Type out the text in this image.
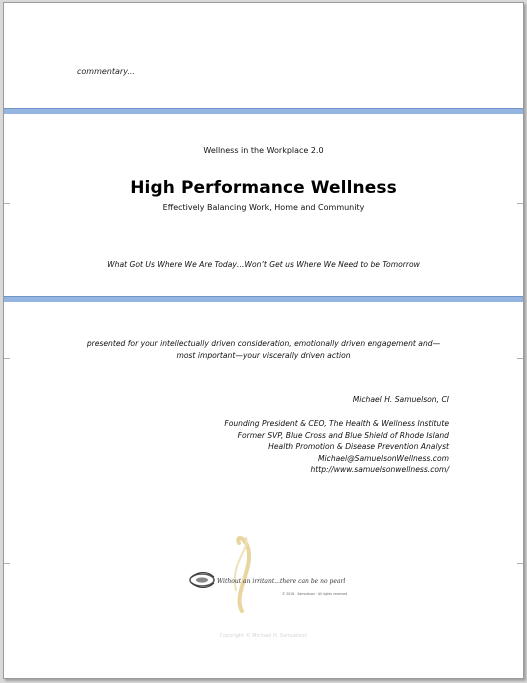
commentary...
Wellness in the Workplace 2.0
High Performance Wellness
Effectively Balancing Work, Home and Community
What Got Us Where We Are Today…Won’t Get us Where We Need to be Tomorrow
presented for your intellectually driven consideration, emotionally driven engagement and—
most important—your viscerally driven action
Michael H. Samuelson, CI
Founding President & CEO, The Health & Wellness Institute
Former SVP, Blue Cross and Blue Shield of Rhode Island
Health Promotion & Disease Prevention Analyst
Michael@SamuelsonWellness.com
http://www.samuelsonwellness.com/
Without an irritant...there can be no pearl
© 2016 · Samuelson · All rights reserved
Copyright © Michael H. Samuelson
